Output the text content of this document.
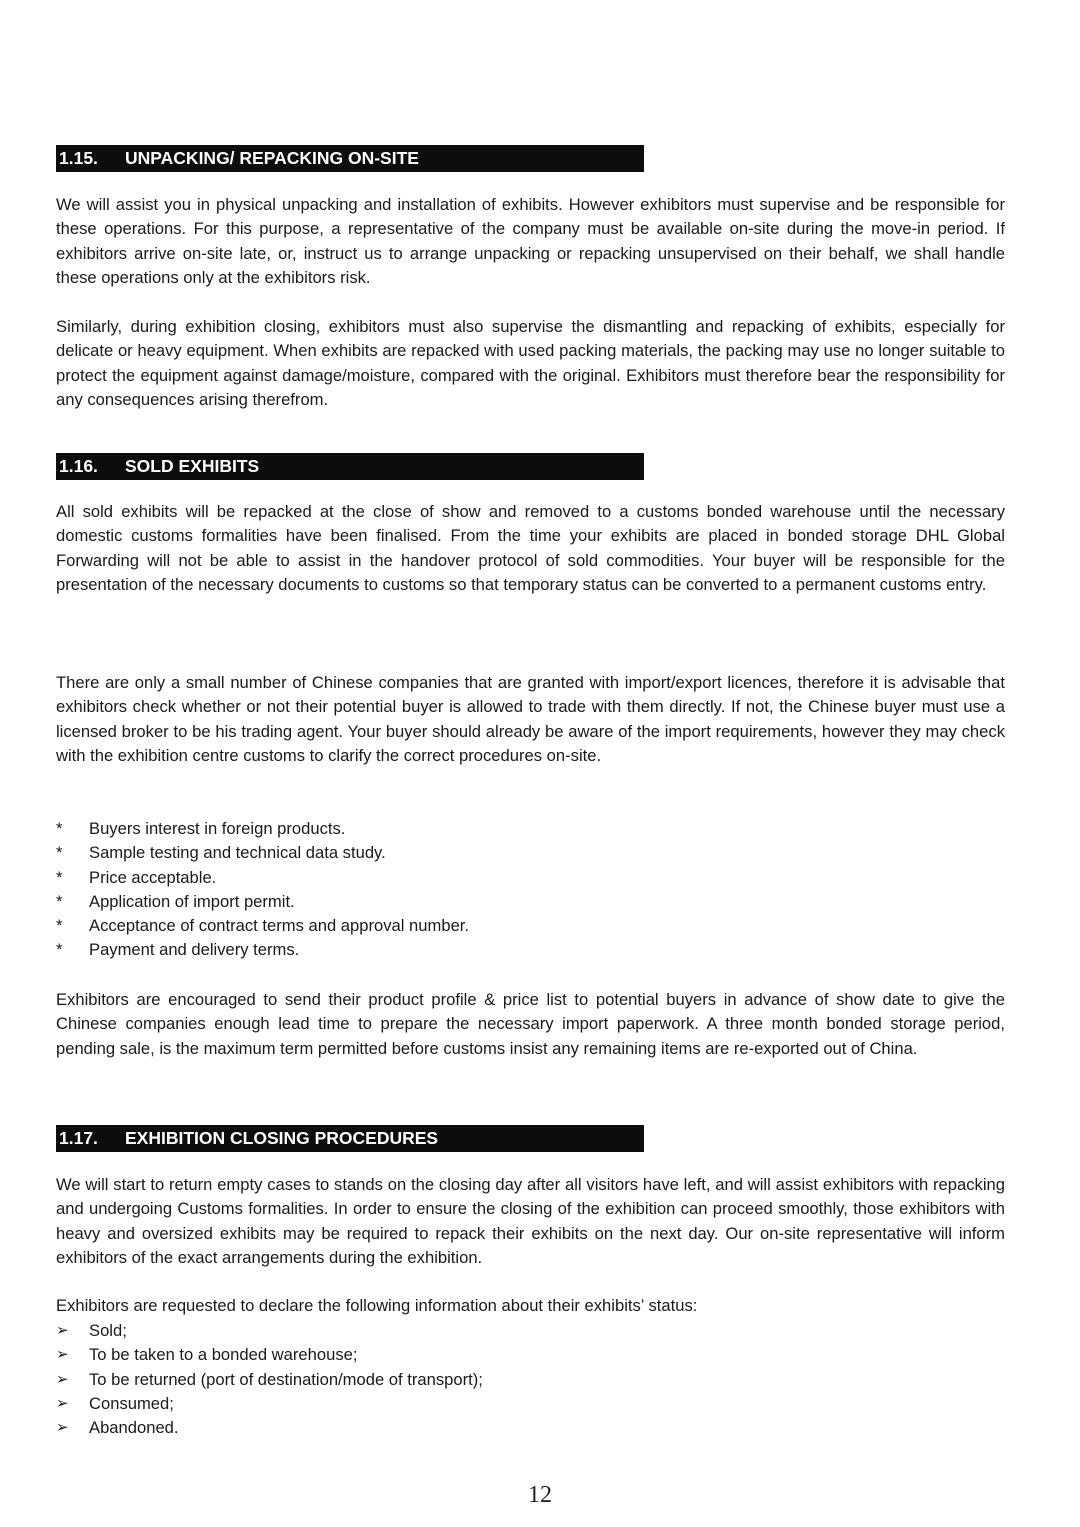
1.15. UNPACKING/ REPACKING ON-SITE

We will assist you in physical unpacking and installation of exhibits. However exhibitors must supervise and be responsible for these operations. For this purpose, a representative of the company must be available on-site during the move-in period. If exhibitors arrive on-site late, or, instruct us to arrange unpacking or repacking unsupervised on their behalf, we shall handle these operations only at the exhibitors risk.

Similarly, during exhibition closing, exhibitors must also supervise the dismantling and repacking of exhibits, especially for delicate or heavy equipment. When exhibits are repacked with used packing materials, the packing may use no longer suitable to protect the equipment against damage/moisture, compared with the original. Exhibitors must therefore bear the responsibility for any consequences arising therefrom.

1.16. SOLD EXHIBITS

All sold exhibits will be repacked at the close of show and removed to a customs bonded warehouse until the necessary domestic customs formalities have been finalised. From the time your exhibits are placed in bonded storage DHL Global Forwarding will not be able to assist in the handover protocol of sold commodities. Your buyer will be responsible for the presentation of the necessary documents to customs so that temporary status can be converted to a permanent customs entry.

There are only a small number of Chinese companies that are granted with import/export licences, therefore it is advisable that exhibitors check whether or not their potential buyer is allowed to trade with them directly. If not, the Chinese buyer must use a licensed broker to be his trading agent. Your buyer should already be aware of the import requirements, however they may check with the exhibition centre customs to clarify the correct procedures on-site.

*	Buyers interest in foreign products.
*	Sample testing and technical data study.
*	Price acceptable.
*	Application of import permit.
*	Acceptance of contract terms and approval number.
*	Payment and delivery terms.

Exhibitors are encouraged to send their product profile & price list to potential buyers in advance of show date to give the Chinese companies enough lead time to prepare the necessary import paperwork. A three month bonded storage period, pending sale, is the maximum term permitted before customs insist any remaining items are re-exported out of China.

1.17. EXHIBITION CLOSING PROCEDURES

We will start to return empty cases to stands on the closing day after all visitors have left, and will assist exhibitors with repacking and undergoing Customs formalities. In order to ensure the closing of the exhibition can proceed smoothly, those exhibitors with heavy and oversized exhibits may be required to repack their exhibits on the next day. Our on-site representative will inform exhibitors of the exact arrangements during the exhibition.

Exhibitors are requested to declare the following information about their exhibits’ status:

➢	Sold;
➢	To be taken to a bonded warehouse;
➢	To be returned (port of destination/mode of transport);
➢	Consumed;
➢	Abandoned.
12
